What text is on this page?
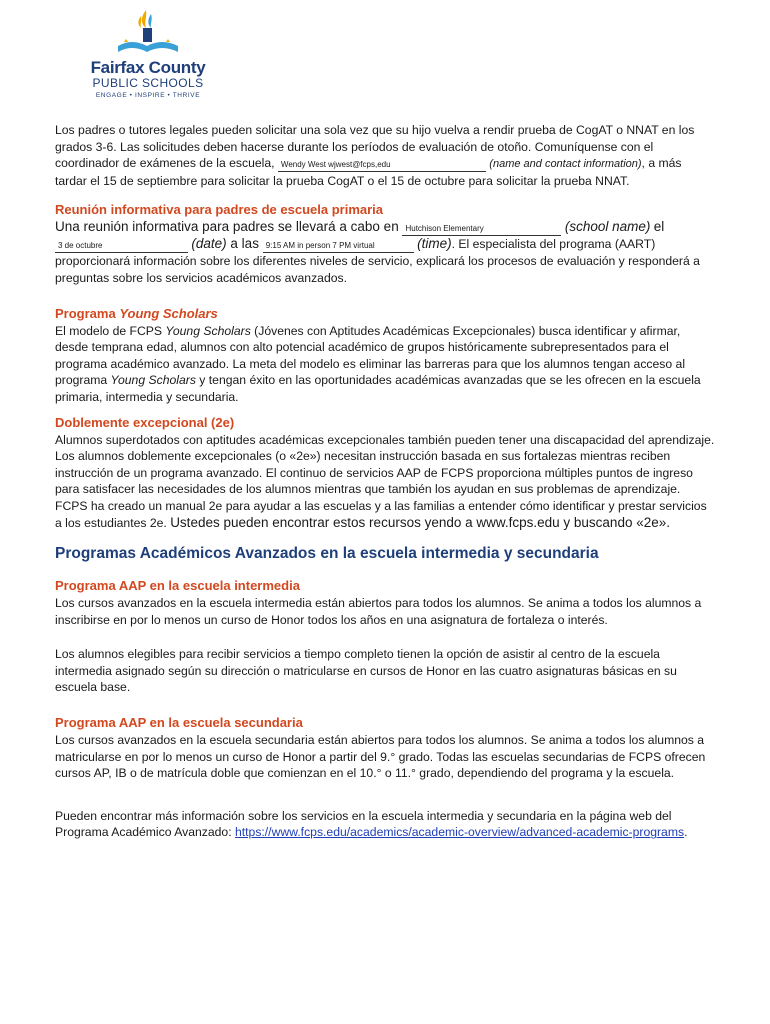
Fairfax County
PUBLIC SCHOOLS
ENGAGE • INSPIRE • THRIVE

Los padres o tutores legales pueden solicitar una sola vez que su hijo vuelva a rendir prueba de CogAT o NNAT en los grados 3-6. Las solicitudes deben hacerse durante los períodos de evaluación de otoño. Comuníquense con el coordinador de exámenes de la escuela, Wendy West wjwest@fcps,edu	(name and contact information), a más tardar el 15 de septiembre para solicitar la prueba CogAT o el 15 de octubre para solicitar la prueba NNAT.

Reunión informativa para padres de escuela primaria

Una reunión informativa para padres se llevará a cabo en Hutchison Elementary	(school name) el 3 de octubre	(date) a las 9:15 AM in person 7 PM virtual	(time). El especialista del programa (AART) proporcionará información sobre los diferentes niveles de servicio, explicará los procesos de evaluación y responderá a preguntas sobre los servicios académicos avanzados.

Programa Young Scholars

El modelo de FCPS Young Scholars (Jóvenes con Aptitudes Académicas Excepcionales) busca identificar y afirmar, desde temprana edad, alumnos con alto potencial académico de grupos históricamente subrepresentados para el programa académico avanzado. La meta del modelo es eliminar las barreras para que los alumnos tengan acceso al programa Young Scholars y tengan éxito en las oportunidades académicas avanzadas que se les ofrecen en la escuela primaria, intermedia y secundaria.

Doblemente excepcional (2e)

Alumnos superdotados con aptitudes académicas excepcionales también pueden tener una discapacidad del aprendizaje. Los alumnos doblemente excepcionales (o «2e») necesitan instrucción basada en sus fortalezas mientras reciben instrucción de un programa avanzado. El continuo de servicios AAP de FCPS proporciona múltiples puntos de ingreso para satisfacer las necesidades de los alumnos mientras que también los ayudan en sus problemas de aprendizaje. FCPS ha creado un manual 2e para ayudar a las escuelas y a las familias a entender cómo identificar y prestar servicios a los estudiantes 2e. Ustedes pueden encontrar estos recursos yendo a www.fcps.edu y buscando «2e».

Programas Académicos Avanzados en la escuela intermedia y secundaria
Programa AAP en la escuela intermedia

Los cursos avanzados en la escuela intermedia están abiertos para todos los alumnos. Se anima a todos los alumnos a inscribirse en por lo menos un curso de Honor todos los años en una asignatura de fortaleza o interés.

Los alumnos elegibles para recibir servicios a tiempo completo tienen la opción de asistir al centro de la escuela intermedia asignado según su dirección o matricularse en cursos de Honor en las cuatro asignaturas básicas en su escuela base.

Programa AAP en la escuela secundaria

Los cursos avanzados en la escuela secundaria están abiertos para todos los alumnos. Se anima a todos los alumnos a matricularse en por lo menos un curso de Honor a partir del 9.° grado. Todas las escuelas secundarias de FCPS ofrecen cursos AP, IB o de matrícula doble que comienzan en el 10.° o 11.° grado, dependiendo del programa y la escuela.

Pueden encontrar más información sobre los servicios en la escuela intermedia y secundaria en la página web del Programa Académico Avanzado: https://www.fcps.edu/academics/academic-overview/advanced-academic-programs.
